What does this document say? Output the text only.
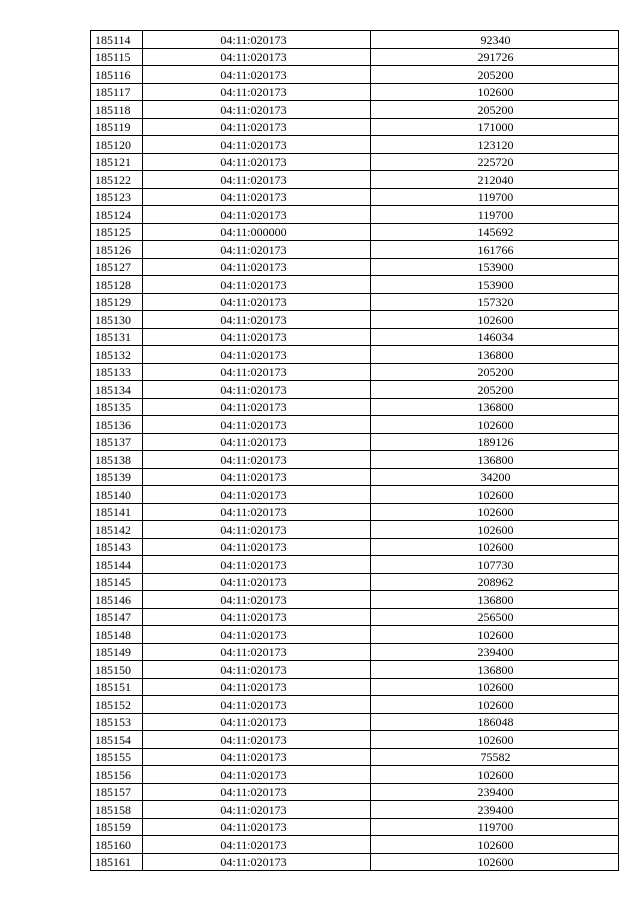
185114	04:11:020173	92340
185115	04:11:020173	291726
185116	04:11:020173	205200
185117	04:11:020173	102600
185118	04:11:020173	205200
185119	04:11:020173	171000
185120	04:11:020173	123120
185121	04:11:020173	225720
185122	04:11:020173	212040
185123	04:11:020173	119700
185124	04:11:020173	119700
185125	04:11:000000	145692
185126	04:11:020173	161766
185127	04:11:020173	153900
185128	04:11:020173	153900
185129	04:11:020173	157320
185130	04:11:020173	102600
185131	04:11:020173	146034
185132	04:11:020173	136800
185133	04:11:020173	205200
185134	04:11:020173	205200
185135	04:11:020173	136800
185136	04:11:020173	102600
185137	04:11:020173	189126
185138	04:11:020173	136800
185139	04:11:020173	34200
185140	04:11:020173	102600
185141	04:11:020173	102600
185142	04:11:020173	102600
185143	04:11:020173	102600
185144	04:11:020173	107730
185145	04:11:020173	208962
185146	04:11:020173	136800
185147	04:11:020173	256500
185148	04:11:020173	102600
185149	04:11:020173	239400
185150	04:11:020173	136800
185151	04:11:020173	102600
185152	04:11:020173	102600
185153	04:11:020173	186048
185154	04:11:020173	102600
185155	04:11:020173	75582
185156	04:11:020173	102600
185157	04:11:020173	239400
185158	04:11:020173	239400
185159	04:11:020173	119700
185160	04:11:020173	102600
185161	04:11:020173	102600
